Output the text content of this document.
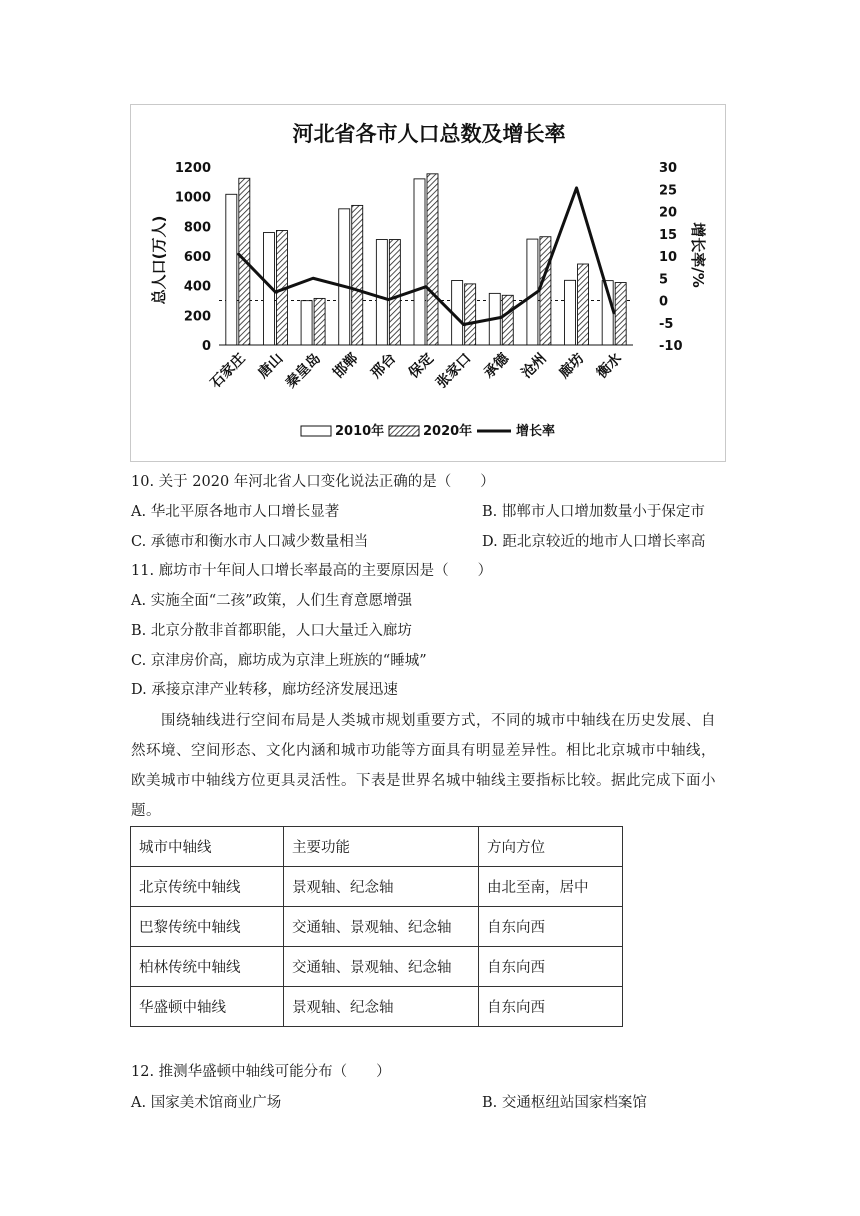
河北省各市人口总数及增长率
总人口(万人)	增长率/%
1200
1000
800
600
400
200
0
30
25
20
15
10
5
0
-5
-10
石家庄 唐山
秦皇岛 邯郸 邢台 保定
张家口 承德 沧州 廊坊 衡水
2010年	2020年	增长率
10. 关于 2020 年河北省人口变化说法正确的是（　　）
A. 华北平原各地市人口增长显著	B. 邯郸市人口增加数量小于保定市
C. 承德市和衡水市人口减少数量相当	D. 距北京较近的地市人口增长率高
11. 廊坊市十年间人口增长率最高的主要原因是（　　）
A. 实施全面“二孩”政策，人们生育意愿增强
B. 北京分散非首都职能，人口大量迁入廊坊
C. 京津房价高，廊坊成为京津上班族的“睡城”
D. 承接京津产业转移，廊坊经济发展迅速
　　围绕轴线进行空间布局是人类城市规划重要方式，不同的城市中轴线在历史发展、自
然环境、空间形态、文化内涵和城市功能等方面具有明显差异性。相比北京城市中轴线，
欧美城市中轴线方位更具灵活性。下表是世界名城中轴线主要指标比较。据此完成下面小
题。
城市中轴线	主要功能	方向方位
北京传统中轴线	景观轴、纪念轴	由北至南，居中
巴黎传统中轴线	交通轴、景观轴、纪念轴	自东向西
柏林传统中轴线	交通轴、景观轴、纪念轴	自东向西
华盛顿中轴线	景观轴、纪念轴	自东向西
12. 推测华盛顿中轴线可能分布（　　）
A. 国家美术馆商业广场	B. 交通枢纽站国家档案馆
